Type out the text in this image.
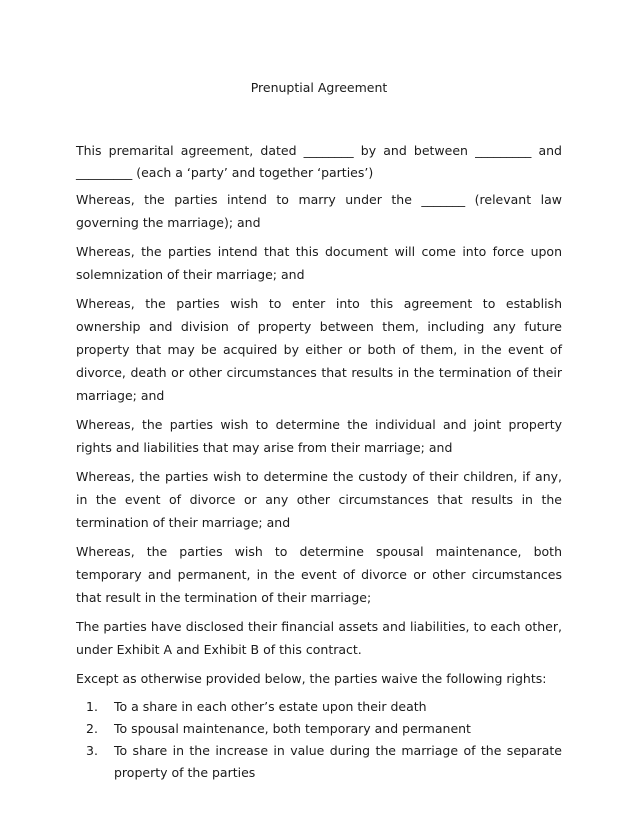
Prenuptial Agreement

This premarital agreement, dated ________ by and between _________ and _________ (each a ‘party’ and together ‘parties’)

Whereas, the parties intend to marry under the _______ (relevant law governing the marriage); and

Whereas, the parties intend that this document will come into force upon solemnization of their marriage; and

Whereas, the parties wish to enter into this agreement to establish ownership and division of property between them, including any future property that may be acquired by either or both of them, in the event of divorce, death or other circumstances that results in the termination of their marriage; and

Whereas, the parties wish to determine the individual and joint property rights and liabilities that may arise from their marriage; and

Whereas, the parties wish to determine the custody of their children, if any, in the event of divorce or any other circumstances that results in the termination of their marriage; and

Whereas, the parties wish to determine spousal maintenance, both temporary and permanent, in the event of divorce or other circumstances that result in the termination of their marriage;

The parties have disclosed their financial assets and liabilities, to each other, under Exhibit A and Exhibit B of this contract.

Except as otherwise provided below, the parties waive the following rights:

1. To a share in each other’s estate upon their death
2. To spousal maintenance, both temporary and permanent
3. To share in the increase in value during the marriage of the separate property of the parties
